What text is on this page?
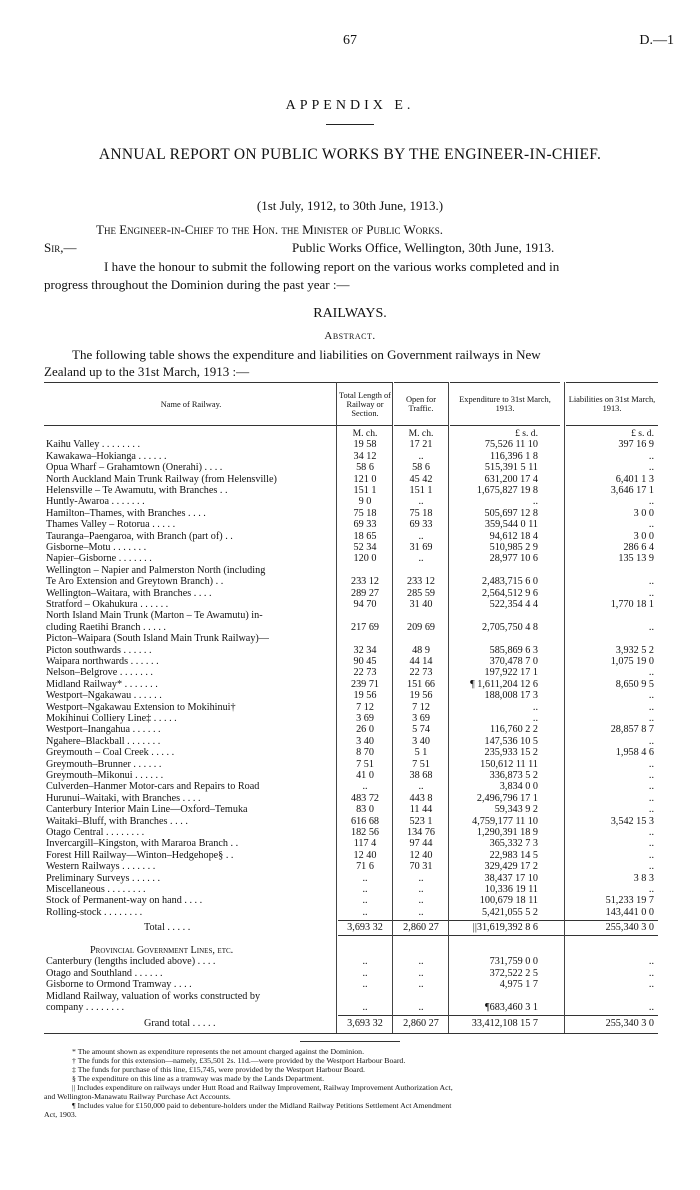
67	D.—1
APPENDIX E.
ANNUAL REPORT ON PUBLIC WORKS BY THE ENGINEER-IN-CHIEF.
(1st July, 1912, to 30th June, 1913.)
The Engineer-in-Chief to the Hon. the Minister of Public Works.
Sir,—	Public Works Office, Wellington, 30th June, 1913.
I have the honour to submit the following report on the various works completed and in
progress throughout the Dominion during the past year :—
RAILWAYS.
Abstract.
The following table shows the expenditure and liabilities on Government railways in New
Zealand up to the 31st March, 1913 :—
Name of Railway.
Total Length of Railway or Section.
Open for Traffic.
Expenditure to 31st March, 1913.
Liabilities on 31st March, 1913.
M. ch.	M. ch.	£ s. d.	£ s. d.
Kaihu Valley . . . . . . . .	19 58	17 21	75,526 11 10	397 16 9
Kawakawa–Hokianga . . . . . .	34 12	..	116,396 1 8	..
Opua Wharf – Grahamtown (Onerahi) . . . .	58 6	58 6	515,391 5 11	..
North Auckland Main Trunk Railway (from Helensville)	121 0	45 42	631,200 17 4	6,401 1 3
Helensville – Te Awamutu, with Branches . .	151 1	151 1	1,675,827 19 8	3,646 17 1
Huntly-Awaroa . . . . . . .	9 0	..	..	..
Hamilton–Thames, with Branches . . . .	75 18	75 18	505,697 12 8	3 0 0
Thames Valley – Rotorua . . . . .	69 33	69 33	359,544 0 11	..
Tauranga–Paengaroa, with Branch (part of) . .	18 65	..	94,612 18 4	3 0 0
Gisborne–Motu . . . . . . .	52 34	31 69	510,985 2 9	286 6 4
Napier–Gisborne . . . . . . .	120 0	..	28,977 10 6	135 13 9
Wellington – Napier and Palmerston North (including
Te Aro Extension and Greytown Branch) . .	233 12	233 12	2,483,715 6 0	..
Wellington–Waitara, with Branches . . . .	289 27	285 59	2,564,512 9 6	..
Stratford – Okahukura . . . . . .	94 70	31 40	522,354 4 4	1,770 18 1
North Island Main Trunk (Marton – Te Awamutu) in-
cluding Raetihi Branch . . . . .	217 69	209 69	2,705,750 4 8	..
Picton–Waipara (South Island Main Trunk Railway)—
Picton southwards . . . . . .	32 34	48 9	585,869 6 3	3,932 5 2
Waipara northwards . . . . . .	90 45	44 14	370,478 7 0	1,075 19 0
Nelson–Belgrove . . . . . . .	22 73	22 73	197,922 17 1	..
Midland Railway* . . . . . . .	239 71	151 66	¶ 1,611,204 12 6	8,650 9 5
Westport–Ngakawau . . . . . .	19 56	19 56	188,008 17 3	..
Westport–Ngakawau Extension to Mokihinui†	7 12	7 12	..	..
Mokihinui Colliery Line‡ . . . . .	3 69	3 69	..	..
Westport–Inangahua . . . . . .	26 0	5 74	116,760 2 2	28,857 8 7
Ngahere–Blackball . . . . . . .	3 40	3 40	147,536 10 5	..
Greymouth – Coal Creek . . . . .	8 70	5 1	235,933 15 2	1,958 4 6
Greymouth–Brunner . . . . . .	7 51	7 51	150,612 11 11	..
Greymouth–Mikonui . . . . . .	41 0	38 68	336,873 5 2	..
Culverden–Hanmer Motor-cars and Repairs to Road	..	..	3,834 0 0	..
Hurunui–Waitaki, with Branches . . . .	483 72	443 8	2,496,796 17 1	..
Canterbury Interior Main Line—Oxford–Temuka	83 0	11 44	59,343 9 2	..
Waitaki–Bluff, with Branches . . . .	616 68	523 1	4,759,177 11 10	3,542 15 3
Otago Central . . . . . . . .	182 56	134 76	1,290,391 18 9	..
Invercargill–Kingston, with Mararoa Branch . .	117 4	97 44	365,332 7 3	..
Forest Hill Railway—Winton–Hedgehope§ . .	12 40	12 40	22,983 14 5	..
Western Railways . . . . . . .	71 6	70 31	329,429 17 2	..
Preliminary Surveys . . . . . .	..	..	38,437 17 10	3 8 3
Miscellaneous . . . . . . . .	..	..	10,336 19 11	..
Stock of Permanent-way on hand . . . .	..	..	100,679 18 11	51,233 19 7
Rolling-stock . . . . . . . .	..	..	5,421,055 5 2	143,441 0 0
Total . . . . .	3,693 32	2,860 27	||31,619,392 8 6	255,340 3 0
Provincial Government Lines, etc.
Canterbury (lengths included above) . . . .	..	..	731,759 0 0	..
Otago and Southland . . . . . .	..	..	372,522 2 5	..
Gisborne to Ormond Tramway . . . .	..	..	4,975 1 7	..
Midland Railway, valuation of works constructed by
company . . . . . . . .	..	..	¶683,460 3 1	..
Grand total . . . . .	3,693 32	2,860 27	33,412,108 15 7	255,340 3 0
* The amount shown as expenditure represents the net amount charged against the Dominion.
† The funds for this extension—namely, £35,501 2s. 11d.—were provided by the Westport Harbour Board.
‡ The funds for purchase of this line, £15,745, were provided by the Westport Harbour Board.
§ The expenditure on this line as a tramway was made by the Lands Department.
|| Includes expenditure on railways under Hutt Road and Railway Improvement, Railway Improvement Authorization Act,
and Wellington-Manawatu Railway Purchase Act Accounts.
¶ Includes value for £150,000 paid to debenture-holders under the Midland Railway Petitions Settlement Act Amendment
Act, 1903.
